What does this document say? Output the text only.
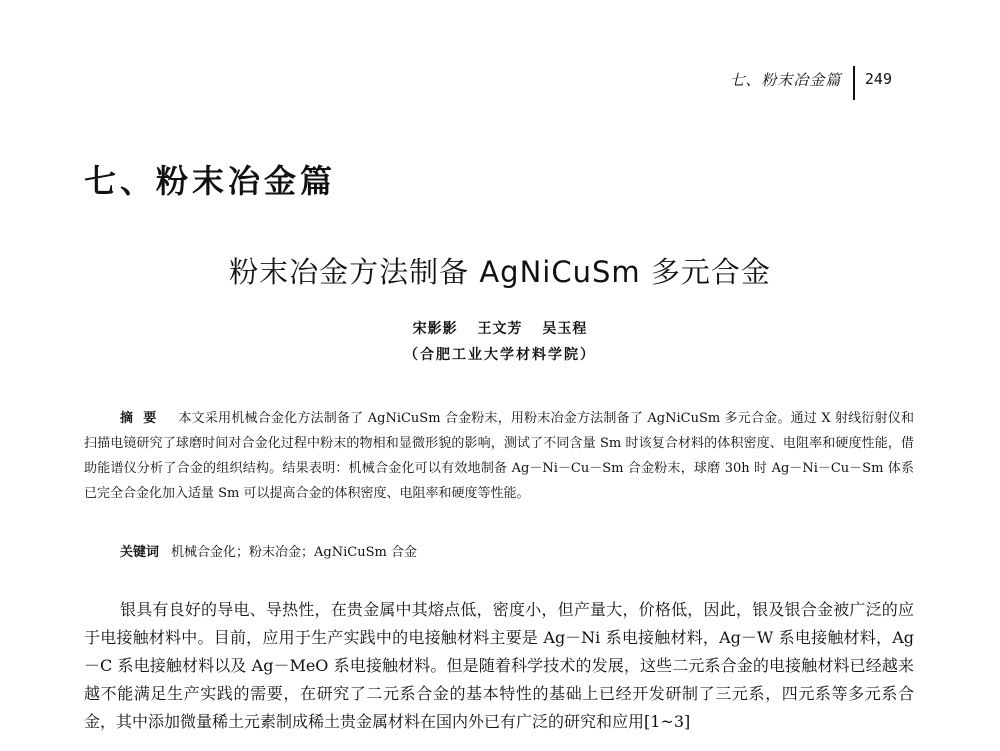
七、粉末冶金篇	249
七、粉末冶金篇
粉末冶金方法制备 AgNiCuSm 多元合金
宋影影 王文芳 吴玉程
（合肥工业大学材料学院）
摘要 本文采用机械合金化方法制备了 AgNiCuSm 合金粉末，用粉末冶金方法制备了 AgNiCuSm 多元合金。通过 X 射线衍射仪和扫描电镜研究了球磨时间对合金化过程中粉末的物相和显微形貌的影响，测试了不同含量 Sm 时该复合材料的体积密度、电阻率和硬度性能，借助能谱仪分析了合金的组织结构。结果表明：机械合金化可以有效地制备 Ag－Ni－Cu－Sm 合金粉末，球磨 30h 时 Ag－Ni－Cu－Sm 体系已完全合金化加入适量 Sm 可以提高合金的体积密度、电阻率和硬度等性能。
关键词 机械合金化；粉末冶金；AgNiCuSm 合金
银具有良好的导电、导热性，在贵金属中其熔点低，密度小，但产量大，价格低，因此，银及银合金被广泛的应于电接触材料中。目前，应用于生产实践中的电接触材料主要是 Ag－Ni 系电接触材料，Ag－W 系电接触材料，Ag－C 系电接触材料以及 Ag－MeO 系电接触材料。但是随着科学技术的发展，这些二元系合金的电接触材料已经越来越不能满足生产实践的需要，在研究了二元系合金的基本特性的基础上已经开发研制了三元系，四元系等多元系合金，其中添加微量稀土元素制成稀土贵金属材料在国内外已有广泛的研究和应用[1~3]
